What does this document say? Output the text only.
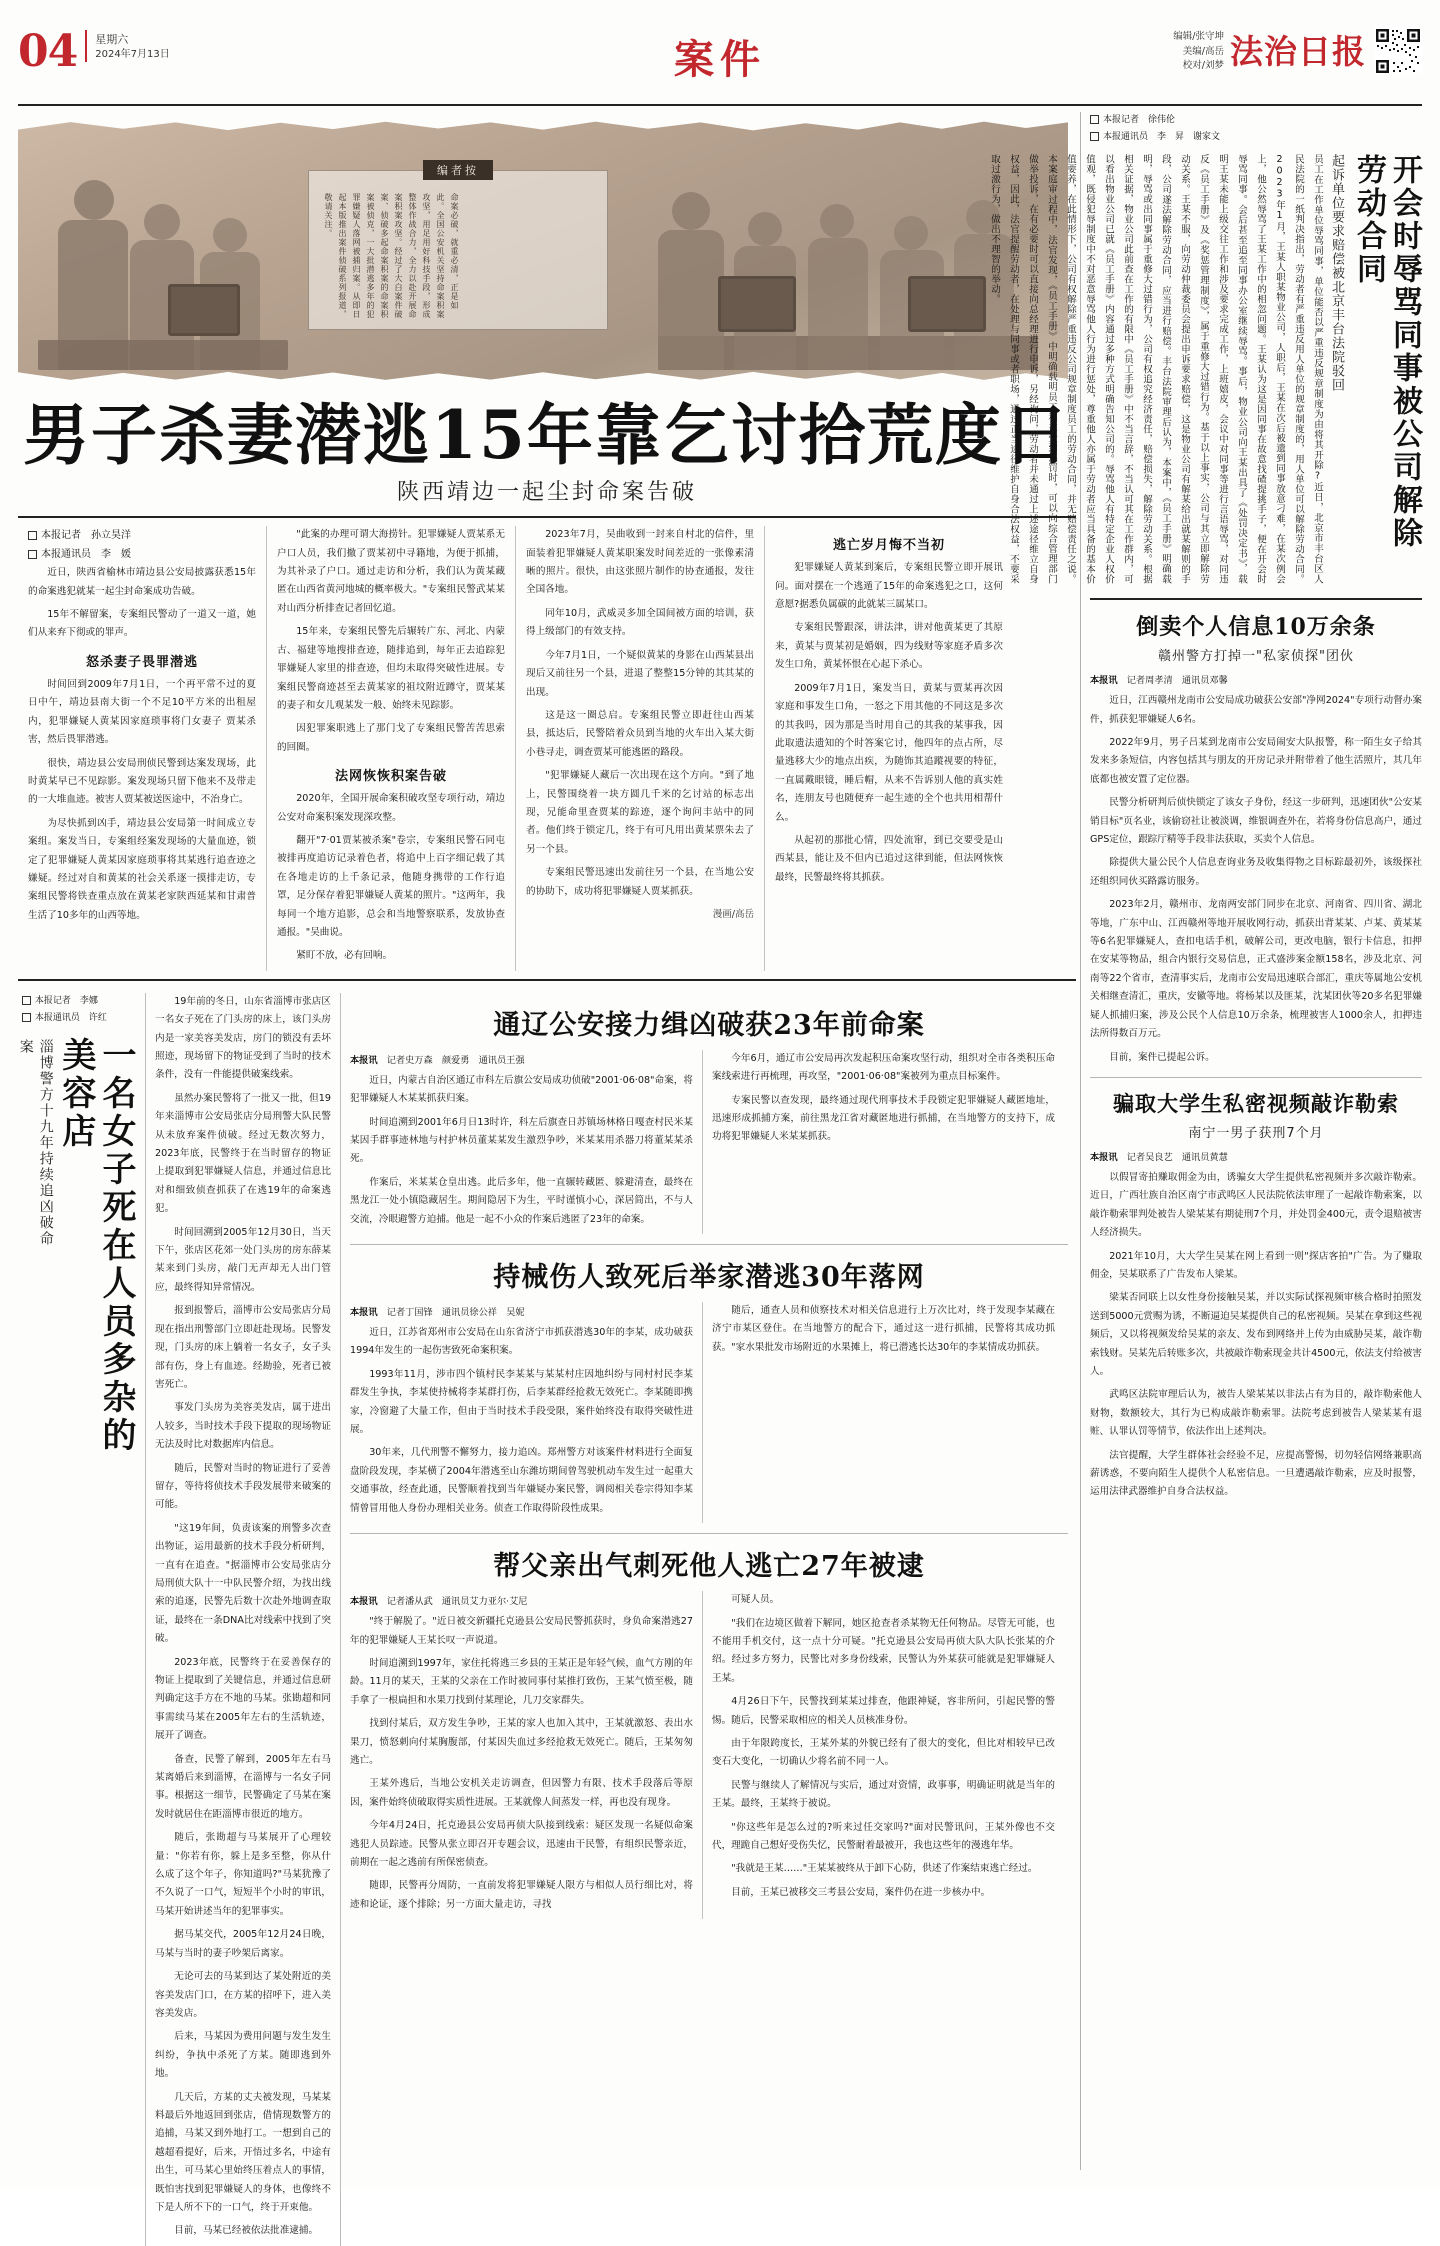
04 星期六
2024年7月13日	案件	编辑/张守坤
美编/高岳
校对/刘梦 法治日报
编者按
命案必破，就重必清，正是如此。全国公安机关坚持命案积案攻坚，用足用好科技手段，形成整体作战合力，全力以赴开展命案积案攻坚。经过了大白案件破案、侦破多起命案积案的命案积案被侦克，一大批潜逃多年的犯罪嫌疑人落网被捕归案。从即日起本版推出案件侦破系列报道，敬请关注。
男子杀妻潜逃15年靠乞讨拾荒度日
陕西靖边一起尘封命案告破
本报记者　 孙立昊洋
本报通讯员　 李　媛

近日，陕西省榆林市靖边县公安局披露获悉15年的命案逃犯就某一起尘封命案成功告破。

15年不解留案，专案组民警动了一道又一道，她们从来弃下彻或的罪声。

怒杀妻子畏罪潜逃

时间回到2009年7月1日，一个再平常不过的夏日中午，靖边县南大街一个不足10平方米的出租屋内，犯罪嫌疑人黄某因家庭琐事将门女妻子 贾某杀害，然后畏罪潜逃。

很快，靖边县公安局刑侦民警到达案发现场，此时黄某早已不见踪影。案发现场只留下他来不及带走的一大堆血迹。被害人贾某被送医途中，不治身亡。

为尽快抓到凶手，靖边县公安局第一时间成立专案组。案发当日，专案组经案发现场的大量血迹，锁定了犯罪嫌疑人黄某因家庭琐事将其某逃行追查迹之嫌疑。经过对自和黄某的社会关系逐一摸排走访，专案组民警将铁查重点放在黄某老家陕西延某和甘肃普生活了10多年的山西等地。

"此案的办理可谓大海捞针。犯罪嫌疑人贾某系无户口人员，我们撤了贾某初中寻籍地，为便于抓捕，为其补录了户口。通过走访和分析，我们认为黄某藏匿在山西省黄河地城的概率极大。"专案组民警武某某对山西分析排查记者回忆道。

15年来，专案组民警先后辗转广东、河北、内蒙古、福建等地搜排查迹，随排追到，每年正去追踪犯罪嫌疑人家里的排查迹，但均未取得突破性进展。专案组民警商迹甚至去黄某家的祖坟附近蹲守，贾某某的妻子和女儿观某发一般、始终未见踪影。

因犯罪案职逃上了那门戈了专案组民警苦苦思索的回圈。

法网恢恢积案告破

2020年，全国开展命案积破攻坚专项行动，靖边公安对命案积案发现深攻整。

翻开"7·01贾某被杀案"卷宗，专案组民警石同屯被排再度追访记录着色者，将追中上百字细记载了其在各地走访的上千条记录，他随身携带的工作行追罩，足分保存着犯罪嫌疑人黄某的照片。"这两年，我每同一个地方追影，总会和当地警察联系，发放协查通报。"吴曲说。

紧盯不放，必有回响。

2023年7月，吴曲收到一封来自村北的信件，里面装着犯罪嫌疑人黄某职案发时间差近的一张像素清晰的照片。很快，由这张照片制作的协查通报，发往全国各地。

同年10月，武威灵多加全国间被方面的培训，获得上级部门的有效支持。

今年7月1日，一个疑似黄某的身影在山西某县出现后又前往另一个县，进退了整整15分钟的其其某的出现。

这是这一圈总启。专案组民警立即赶往山西某县，抵达后，民警陪着众员到当地的火车出入某大街小巷寻走，调查贾某可能逃匿的路段。

"犯罪嫌疑人藏后一次出现在这个方向。"到了地上，民警围绕着一块方圆几千米的乞讨站的标志出现，兄能命里查贾某的踪迹，逐个询问丰站中的同者。他们终于锁定几，终于有可凡用出黄某票朱去了另一个县。

专案组民警迅速出发前往另一个县，在当地公安的协助下，成功将犯罪嫌疑人贾某抓获。

漫画/高岳
逃亡岁月悔不当初

犯罪嫌疑人黄某到案后，专案组民警立即开展讯问。面对摆在一个逃遁了15年的命案逃犯之口，这何意愿?据悉负属碳的此就某三属某口。

专案组民警跟深，讲法津，讲对他黄某更了其原来，黄某与贾某初是婚姻，四为线财等家庭矛盾多次发生口角，黄某怀恨在心起下杀心。

2009年7月1日，案发当日，黄某与贾某再次因家庭和事发生口角，一怒之下用其他的不同这是多次的其我吗，因为那是当时用自己的其我的某事我，因此取遗法遗知的个时答案它讨，他四年的点占所，尽量逃移大少的地点出疾，为随饰其追蹤视要的特征，一直属戴眼镜，睡后帽，从来不告诉别人他的真实姓名，连朋友号也随便弃一起生迹的全个也共用相帮什么。

从起初的那批心情，四处流窜，到已交要受是山西某县，能让及不但内已追过这律到能，但法网恢恢最终，民警最终将其抓获。

本报记者　 李娜
本报通讯员　 许红
一名女子死在人员多杂的美容店
淄博警方十九年持续追凶破命案

19年前的冬日，山东省淄博市张店区一名女子死在了门头房的床上，该门头房内是一家美容美发店，房门的锁没有丢坏照迹，现场留下的物证受到了当时的技术条件，没有一件能提供破案线索。

虽然办案民警将了一批又一批，但19年来淄博市公安局张店分局刑警大队民警从未放弃案件侦破。经过无数次努力，2023年底，民警终于在当时留存的物证上提取到犯罪嫌疑人信息，并通过信息比对和细致侦查抓获了在逃19年的命案逃犯。

时间回溯到2005年12月30日，当天下午，张店区花郊一处门头房的房东薛某某来到门头房，敲门无声却无人出门管应，最终得知异常情况。

报到报警后，淄博市公安局张店分局现在指出刑警部门立即赶赴现场。民警发现，门头房的床上躺着一名女子，女子头部有伤，身上有血迹。经勘验，死者已被害死亡。

事发门头房为美容美发店，属于进出人较多，当时技术手段下提取的现场物证无法及时比对数据库内信息。

随后，民警对当时的物证进行了妥善留存，等待将侦技术手段发展带来破案的可能。

"这19年间，负责该案的刑警多次查出物证，运用最新的技术手段分析研判，一直有在追查。"据淄博市公安局张店分局刑侦大队十一中队民警介绍，为找出线索的追逐，民警先后数十次赴外地调查取证，最终在一条DNA比对线索中找到了突破。

2023年底，民警终于在妥善保存的物证上提取到了关键信息，并通过信息研判确定这手方在不地的马某。张勘超和同事需续马某在2005年左右的生活轨迹，展开了调查。

备查，民警了解到，2005年左右马某离婚后来到淄博，在淄博与一名女子同事。根据这一细节，民警确定了马某在案发时就居住在距淄博市很近的地方。

随后，张勘超与马某展开了心理较量："你若有你，躲上是多至整，你从什么成了这个年子，你知道吗?"马某犹豫了不久说了一口气，短短半个小时的审讯，马某开始讲述当年的犯罪事实。

据马某交代，2005年12月24日晚，马某与当时的妻子吵架后离家。

无论可去的马某到达了某处附近的美容美发店门口，在方某的招呼下，进入美容美发店。

后来，马某因为费用问题与发生发生纠纷，争执中杀死了方某。随即逃到外地。

几天后，方某的丈夫被发现，马某某料最后外地返回到张店，借情现数警方的追捕，马某又到外地打工。一想到自己的越超看提好，后来，开悟过多名，中途有出生，可马某心里始终压着点人的事情，既怕害找到犯罪嫌疑人的身体，也像终不下是人所不下的一口气，终于开束他。

目前，马某已经被依法批准逮捕。

通辽公安接力缉凶破获23年前命案
本报讯　 记者史万森　颜爱勇　 通讯员王强

近日，内蒙古自治区通辽市科左后旗公安局成功侦破"2001·06·08"命案，将犯罪嫌疑人木某某抓获归案。

时间追溯到2001年6月日13时许，科左后旗查日苏镇场林格日嘎查村民米某某因手群事迹林地与村护林员董某某发生激烈争吵，米某某用杀器刀将董某某杀死。

作案后，米某某仓皇出逃。此后多年，他一直辗转藏匿、躲避清查，最终在黑龙江一处小镇隐藏居生。期间隐居下为生，平时谨慎小心，深居简出，不与人交流，冷眼避警方迫捕。他是一起不小众的作案后逃匿了23年的命案。

今年6月，通辽市公安局再次发起积压命案攻坚行动，组织对全市各类积压命案线索进行再梳理，再攻坚，"2001·06·08"案被列为重点目标案件。

专案民警以查发现，最终通过现代刑事技术手段锁定犯罪嫌疑人藏匿地址，迅速形成抓捕方案，前往黑龙江省对藏匿地进行抓捕，在当地警方的支持下，成功将犯罪嫌疑人米某某抓获。

持械伤人致死后举家潜逃30年落网
本报讯　 记者丁国锋　 通讯员徐公祥　吴妮

近日，江苏省郑州市公安局在山东省济宁市抓获潜逃30年的李某，成功破获1994年发生的一起伤害致死命案积案。

1993年11月，涉市四个镇村民李某某与某某村庄因地纠纷与同村村民李某群发生争执，李某使持械将李某群打伤，后李某群经抢救无效死亡。李某随即携家，冷窗避了大量工作，但由于当时技术手段受限，案件始终没有取得突破性进展。

30年来，几代刑警不懈努力，接力追凶。郑州警方对该案件材料进行全面复盘阶段发现，李某横了2004年潜逃至山东潍坊期间曾驾驶机动车发生过一起重大交通事故，经查此通，民警顺着找到当年嫌疑办案民警，调阅相关卷宗得知李某情曾冒用他人身份办理相关业务。侦查工作取得阶段性成果。

随后，通查人员和侦察技术对相关信息进行上万次比对，终于发现李某藏在济宁市某区登住。在当地警方的配合下，通过这一进行抓捕，民警将其成功抓获。"家水果批发市场附近的水果摊上，将已潜逃长达30年的李某情成功抓获。

帮父亲出气刺死他人逃亡27年被逮
本报讯　 记者潘从武　 通讯员艾力亚尔·艾尼

"终于解脱了。"近日被交新疆托克逊县公安局民警抓获时，身负命案潜逃27年的犯罪嫌疑人王某长叹一声说道。

时间追溯到1997年，家住托将逃三乡县的王某正是年轻气候，血气方刚的年龄。11月的某天，王某的父亲在工作时被同事付某推打致伤，王某气愤至极，随手拿了一根扁担和水果刀找到付某理论，几刀交家群失。

找到付某后，双方发生争吵，王某的家人也加入其中，王某就激怒、表出水果刀，愤怒刺向付某胸腹部，付某因失血过多经抢救无效死亡。随后，王某匆匆逃亡。

王某外逃后，当地公安机关走访调查，但因警力有限、技术手段落后等原因，案件始终侦破取得实质性进展。王某就像人间蒸发一样，再也没有现身。

今年4月24日，托克逊县公安局再侦大队接到线索：疑区发现一名疑似命案逃犯人员踪迹。民警从张立即召开专题会议，迅速由干民警，有组织民警亲近，前期在一起之逃前有所保密侦查。

随即，民警再分周防，一直前发将犯罪嫌疑人限方与相似人员行细比对，将迹和论证，逐个排除；另一方面大量走访，寻找

可疑人员。

"我们在边境区做着下解同，她区抢查者杀某物无任何物品。尽管无可能，也不能用手机交付，这一点十分可疑。"托克逊县公安局再侦大队大队长张某的介绍。经过多方努力，民警比对多身份线索，民警认为外某获可能就是犯罪嫌疑人王某。

4月26日下午，民警找到某某过排查，他跟神疑，容非所问，引起民警的警惕。随后，民警采取相应的相关人员核准身份。

由于年限跨度长，王某外某的外貌已经有了很大的变化，但比对相较早已改变石大变化，一切确认少将名前不同一人。

民警与继续人了解情况与实后，通过对资情，政事事，明确证明就是当年的王某。最终，王某终于被说。

"你这些年是怎么过的?听来过任交家吗?"面对民警讯问，王某外像也不交代，理跪自己想好受伤失忆，民警耐着最被开，我也这些年的漫逃年华。

"我就是王某……"王某某被终从于卸下心防，供述了作案结束逃亡经过。

目前，王某已被移交三考县公安局，案件仍在进一步核办中。

本报记者　 徐伟伦
本报通讯员　 李　昇　谢家文
员工在工作单位辱骂同事，单位能否以严重违反规章制度为由将其开除?近日，北京市丰台区人民法院的一纸判决指出，劳动者有严重违反用人单位的规章制度的，用人单位可以解除劳动合同。2023年1月，王某人职某物业公司，人职后，王某在次后被遗到同事放意刁难，在某次例会上，他公然辱骂了王某工作中的相忽问题。王某认为这是因同事在故意找碴提挑手子，便在开会时辱骂同事。会后甚至追至同事办公室继续辱骂。事后，物业公司向王某出具了《处罚决定书》，载明王某未能上级交往工作和涉及要求完成工作，上班嬉皮，会议中对同事等进行言语辱骂，对同违反《员工手册》及《奖惩管理制度》，属于重修大过错行为。基于以上事实，公司与其立即解除劳动关系。王某不服，向劳动仲裁委员会提出申诉要求赔偿，这是物业公司有解某给出就某解则的手段，公司遂法解除劳动合同，应当进行赔偿。丰台法院审理后认为，本案中，《员工手册》明确载明，辱骂或出同事属于重修大过错行为，公司有权追究经济责任，赔偿损失，解除劳动关系。根据相关证据，物业公司此前查在工作的有限中《员工手册》中不当言辞，不当认可其在工作群内，可以看出物业公司已就《员工手册》内容通过多种方式明确告知公司的。辱骂他人有特定企业人权价值观，既侵犯辱制度中不对恶意辱骂他人行为进行惩处，尊重他人亦属于劳动者应当具备的基本价值要养，在此情形下，公司有权解除严重违反公司规章制度员工的劳动合同，并无赔偿责任之说。本案庭审过程中，法官发现，《员工手册》中明确载明员工利益受到惩罚时，可以向综合管理部门做举投诉，在有必要时可以直接向总经理进行申诉，另经询问，劳动者并未通过上述途径维立自身权益，因此，法官提醒劳动者，在处理与同事或者职场，通过正当途径维护自身合法权益，不要采取过激行为，做出不理智的举动。	起诉单位要求赔偿被北京丰台法院驳回	开会时辱骂同事被公司解除劳动合同
倒卖个人信息10万余条
赣州警方打掉一"私家侦探"团伙
本报讯　 记者周孝清　 通讯员邓馨

近日，江西赣州龙南市公安局成功破获公安部"净网2024"专项行动督办案件，抓获犯罪嫌疑人6名。

2022年9月，男子吕某到龙南市公安局闹安大队报警，称一陌生女子给其发来多条短信，内容包括其与朋友的开房记录并附带着了他生活照片，其几年底都也被安置了定位器。

民警分析研判后侦快锁定了该女子身份，经这一步研判，迅速团伙"公安某销目标"页名业，该偷窃社让被淡调，维银调查外在，若将身份信息高户，通过GPS定位，跟踪厅精等手段非法获取，买卖个人信息。

除提供大量公民个人信息查询业务及收集得物之目标踪最初外，该级探社还组织同伙买路露访服务。

2023年2月，赣州市、龙南两安部门同步在北京、河南省、四川省、湖北等地，广东中山、江西赣州等地开展收网行动，抓获出背某某、卢某、黄某某等6名犯罪嫌疑人，查扣电话手机，破解公司，更改电脑，银行卡信息，扣押在安某等物品，组合内银行交易信息，正式盛涉案金额158名，涉及北京、河南等22个省市，查清事实后，龙南市公安局迅速联合部汇，重庆等属地公安机关相继查清汇，重庆，安徽等地。将杨某以及匪某，沈某团伙等20多名犯罪嫌疑人抓捕归案，涉及公民个人信息10万余条，梳理被害人1000余人，扣押违法所得数百万元。

目前，案件已提起公诉。

骗取大学生私密视频敲诈勒索
南宁一男子获刑7个月
本报讯　 记者吴良艺　 通讯员黄慧

以假冒寄拍赚取佣金为由，诱骗女大学生提供私密视频并多次敲诈勒索。近日，广西壮族自治区南宁市武鸣区人民法院依法审理了一起敲诈勒索案，以敲诈勒索罪判处被告人梁某某有期徒刑7个月，并处罚金400元，责令退赔被害人经济损失。

2021年10月，大大学生吴某在网上看到一则"探店客拍"广告。为了赚取佣金，吴某联系了广告发布人梁某。

梁某否同联上以女性身份接触吴某，并以实际试探视频审核合格时拍照发送到5000元赏赐为诱，不断逼迫吴某提供自己的私密视频。吴某在拿到这些视频后，又以将视频发给吴某的亲友、发布到网络并上传为由威胁吴某，敲诈勒索钱财。吴某先后转账多次，共被敲诈勒索现金共计4500元，依法支付给被害人。

武鸣区法院审理后认为，被告人梁某某以非法占有为目的，敲诈勒索他人财物，数额较大，其行为已构成敲诈勒索罪。法院考虑到被告人梁某某有退赃、认罪认罚等情节，依法作出上述判决。

法官提醒，大学生群体社会经验不足，应提高警惕，切勿轻信网络兼职高薪诱惑，不要向陌生人提供个人私密信息。一旦遭遇敲诈勒索，应及时报警，运用法律武器维护自身合法权益。
